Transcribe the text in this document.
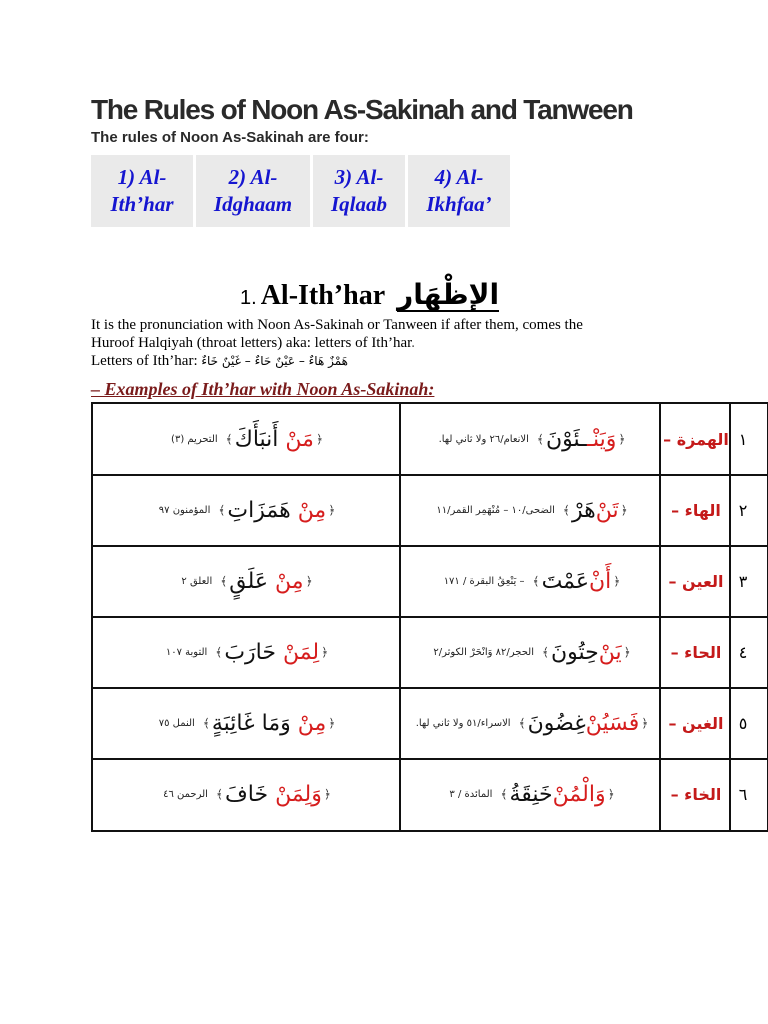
The Rules of Noon As-Sakinah and Tanween

The rules of Noon As-Sakinah are four:

1) Al-
Ith’har
2) Al-
Idghaam
3) Al-
Iqlaab
4) Al-
Ikhfaa’
1. Al-Ith’har الإظْهَار

It is the pronunciation with Noon As-Sakinah or Tanween if after them, comes the

Huroof Halqiyah (throat letters) aka: letters of Ith’har.

Letters of Ith’har: هَمْزٌ هَاءٌ – عَيْنٌ حَاءٌ – غَيْنٌ خَاءٌ

– Examples of Ith’har with Noon As-Sakinah:
١
الهمزة –
﴿
وَيَنْـ
ـئَوْنَ
﴾
الانعام/٢٦ ولا ثاني لها.
﴿
مَنْ

أَنبَأَكَ
﴾
التحريم (٣)
٢
الهاء –
﴿
تَنْ
هَرْ
﴾
الضحى/١٠ – مُنْهَمِر القمر/١١
﴿
مِنْ

هَمَزَاتِ
﴾
المؤمنون ٩٧
٣
العين –
﴿
أَنْ
عَمْتَ
﴾
– يَنْعِقُ البقرة / ١٧١
﴿
مِنْ

عَلَقٍ
﴾
العلق ٢
٤
الحاء –
﴿
يَنْ
حِتُونَ
﴾
الحجر/٨٢ وَانْحَرْ الكوثر/٢
﴿
لِمَنْ

حَارَبَ
﴾
التوبة ١٠٧
٥
الغين –
﴿
فَسَيُنْ
غِضُونَ
﴾
الاسراء/٥١ ولا ثاني لها.
﴿
مِنْ

وَمَا غَائِبَةٍ
﴾
النمل ٧٥
٦
الخاء –
﴿
وَالْمُنْ
خَنِقَةُ
﴾
المائدة / ٣
﴿
وَلِمَنْ

خَافَ
﴾
الرحمن ٤٦
